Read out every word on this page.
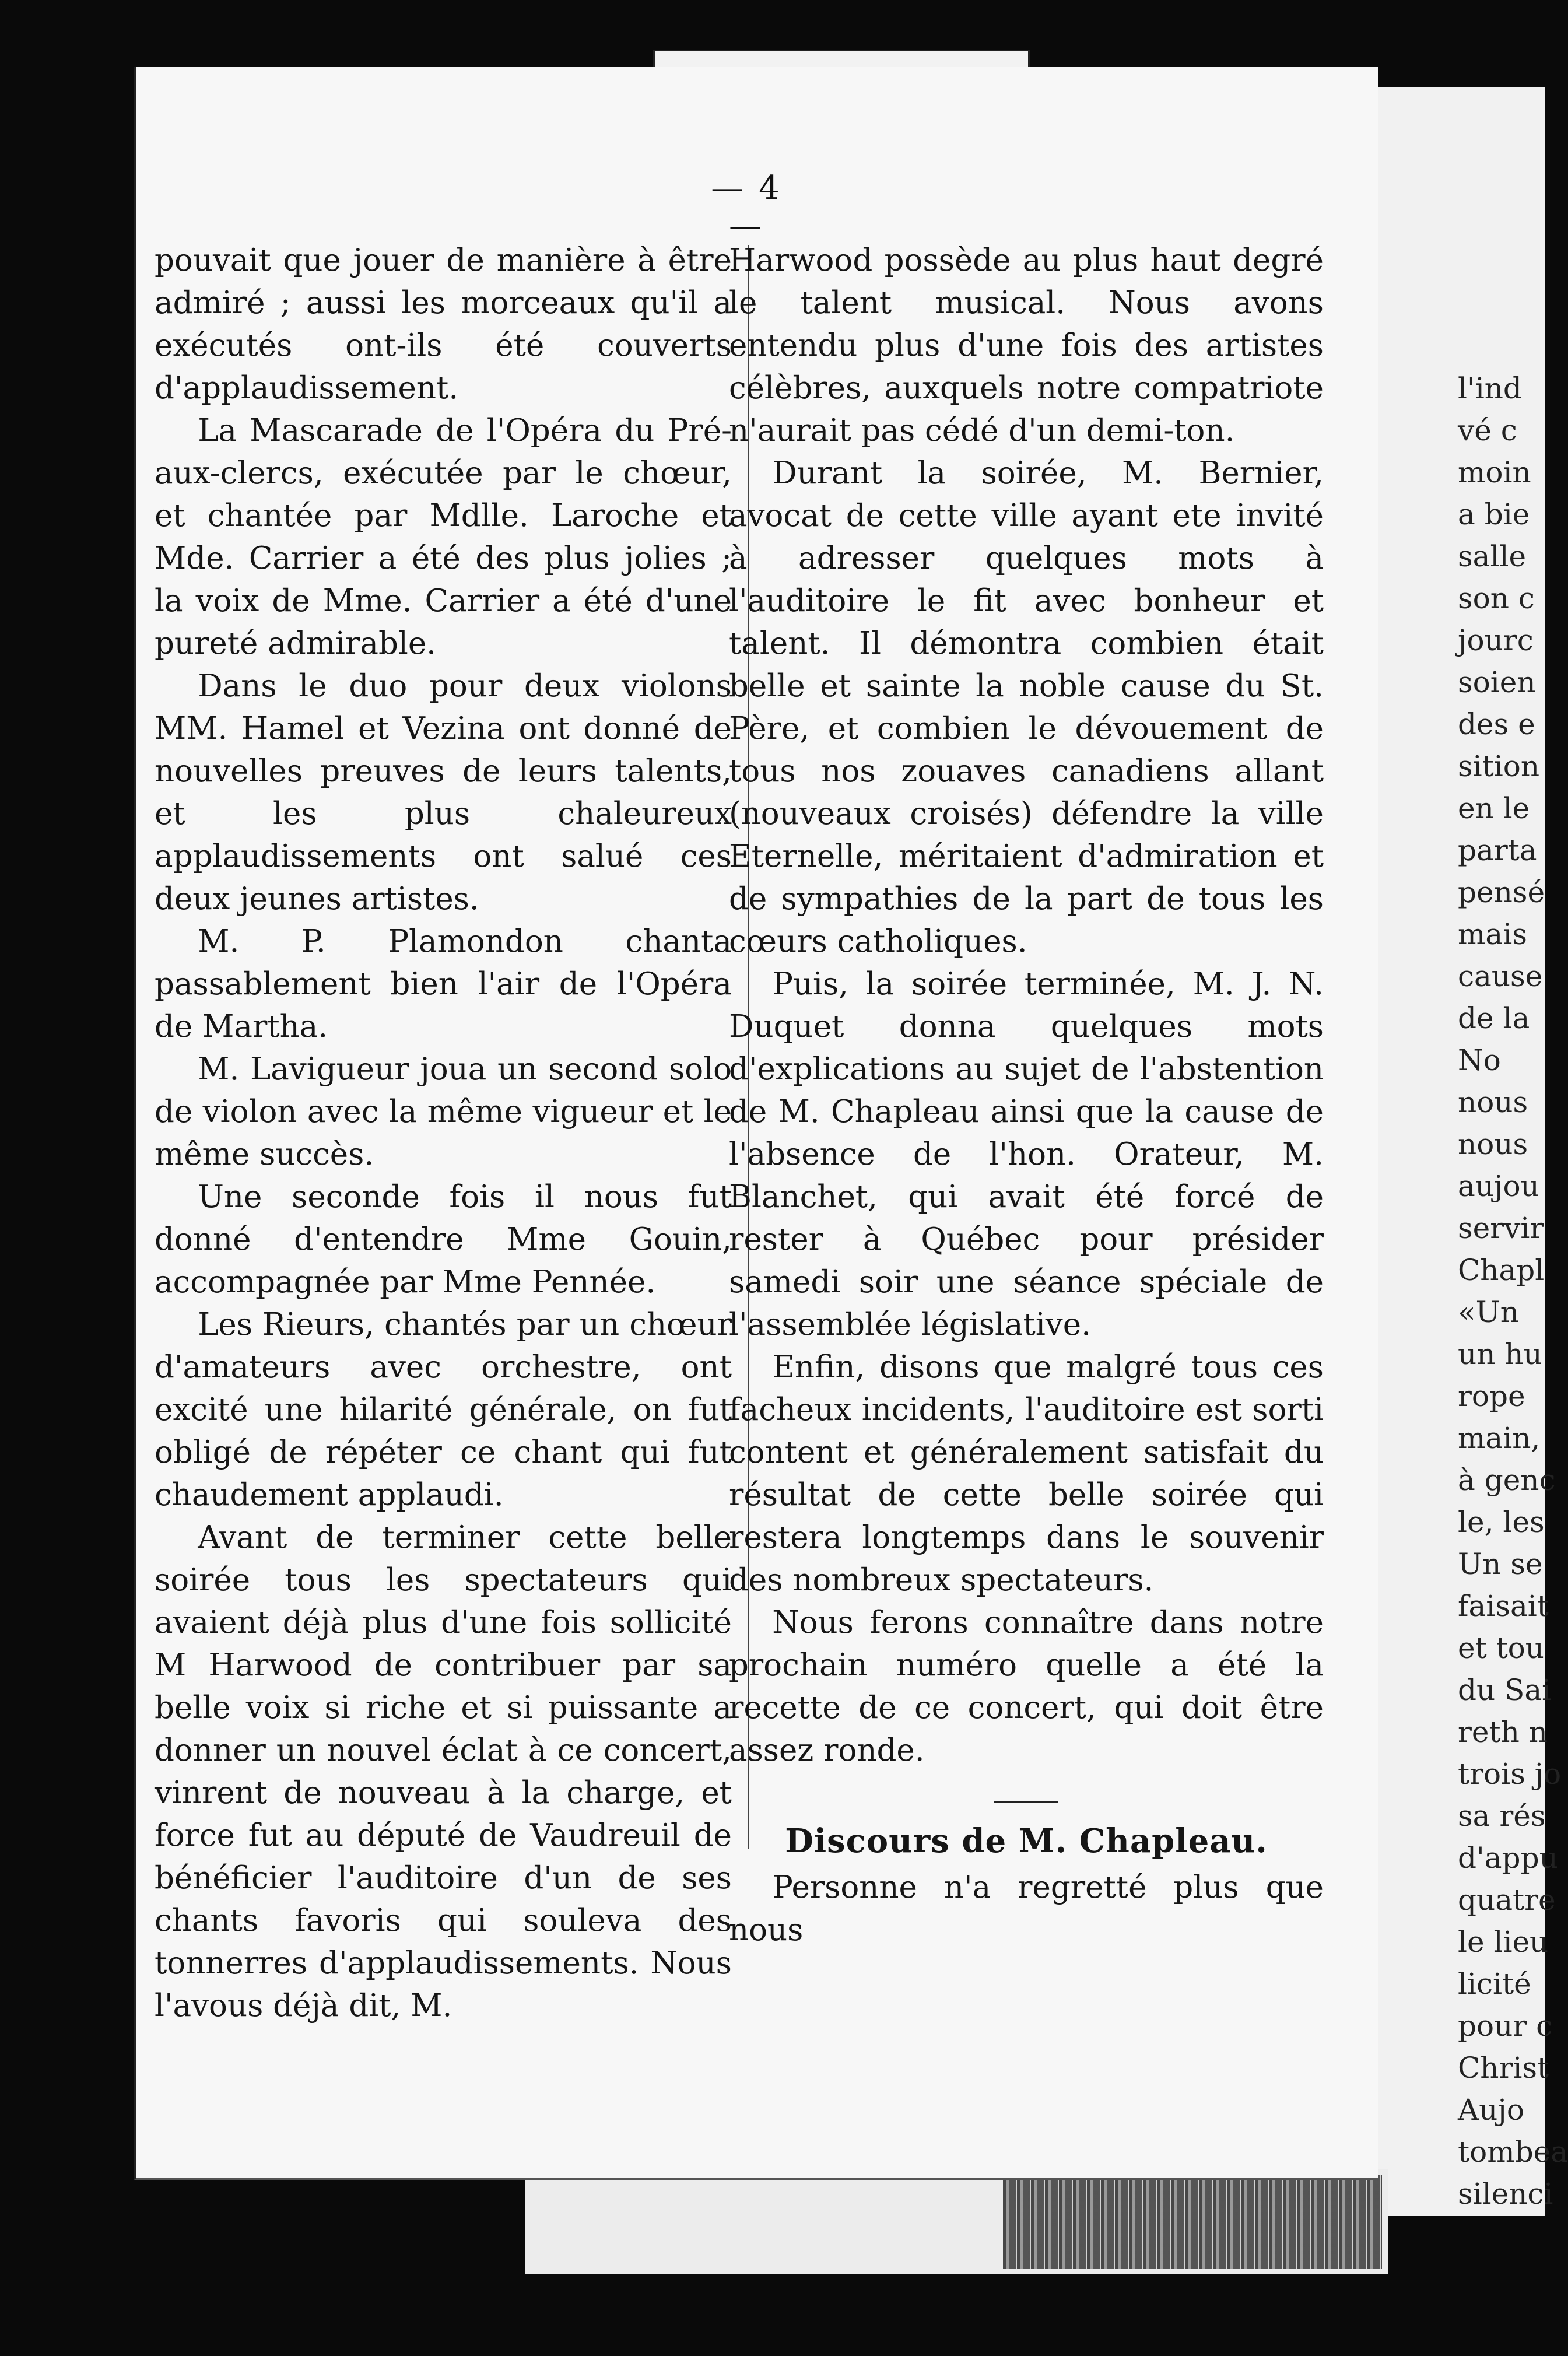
— 4 —

pouvait que jouer de manière à être admiré ; aussi les morceaux qu'il a exécutés ont-ils été couverts d'applaudissement.

La Mascarade de l'Opéra du Pré-aux-clercs, exécutée par le chœur, et chantée par Mdlle. Laroche et Mde. Carrier a été des plus jolies ; la voix de Mme. Carrier a été d'une pureté admirable.

Dans le duo pour deux violons MM. Hamel et Vezina ont donné de nouvelles preuves de leurs talents, et les plus chaleureux applaudissements ont salué ces deux jeunes artistes.

M. P. Plamondon chanta passablement bien l'air de l'Opéra de Martha.

M. Lavigueur joua un second solo de violon avec la même vigueur et le même succès.

Une seconde fois il nous fut donné d'entendre Mme Gouin, accompagnée par Mme Pennée.

Les Rieurs, chantés par un chœur d'amateurs avec orchestre, ont excité une hilarité générale, on fut obligé de répéter ce chant qui fut chaudement applaudi.

Avant de terminer cette belle soirée tous les spectateurs qui avaient déjà plus d'une fois sollicité M Harwood de contribuer par sa belle voix si riche et si puissante a donner un nouvel éclat à ce concert, vinrent de nouveau à la charge, et force fut au député de Vaudreuil de bénéficier l'auditoire d'un de ses chants favoris qui souleva des tonnerres d'applaudissements. Nous l'avous déjà dit, M.

Harwood possède au plus haut degré le talent musical. Nous avons entendu plus d'une fois des artistes célèbres, auxquels notre compatriote n'aurait pas cédé d'un demi-ton.

Durant la soirée, M. Bernier, avocat de cette ville ayant ete invité à adresser quelques mots à l'auditoire le fit avec bonheur et talent. Il démontra combien était belle et sainte la noble cause du St. Père, et combien le dévouement de tous nos zouaves canadiens allant (nouveaux croisés) défendre la ville Eternelle, méritaient d'admiration et de sympathies de la part de tous les cœurs catholiques.

Puis, la soirée terminée, M. J. N. Duquet donna quelques mots d'explications au sujet de l'abstention de M. Chapleau ainsi que la cause de l'absence de l'hon. Orateur, M. Blanchet, qui avait été forcé de rester à Québec pour présider samedi soir une séance spéciale de l'assemblée législative.

Enfin, disons que malgré tous ces facheux incidents, l'auditoire est sorti content et généralement satisfait du résultat de cette belle soirée qui restera longtemps dans le souvenir des nombreux spectateurs.

Nous ferons connaître dans notre prochain numéro quelle a été la recette de ce concert, qui doit être assez ronde.

Discours de M. Chapleau.

Personne n'a regretté plus que nous

l'ind
vé c
moin
a bie
salle
son c
jourc
soien
des e
sition
en le
parta
pensé
mais
cause
de la
No
nous
nous
aujou
servir
Chapl
«Un
un hu
rope
main,
à genc
le, les
Un se
faisait
et tou
du Sai
reth n
trois jo
sa rés
d'appu
quatre
le lieu
licité
pour c
Christ
Aujo
tombea
silenci
